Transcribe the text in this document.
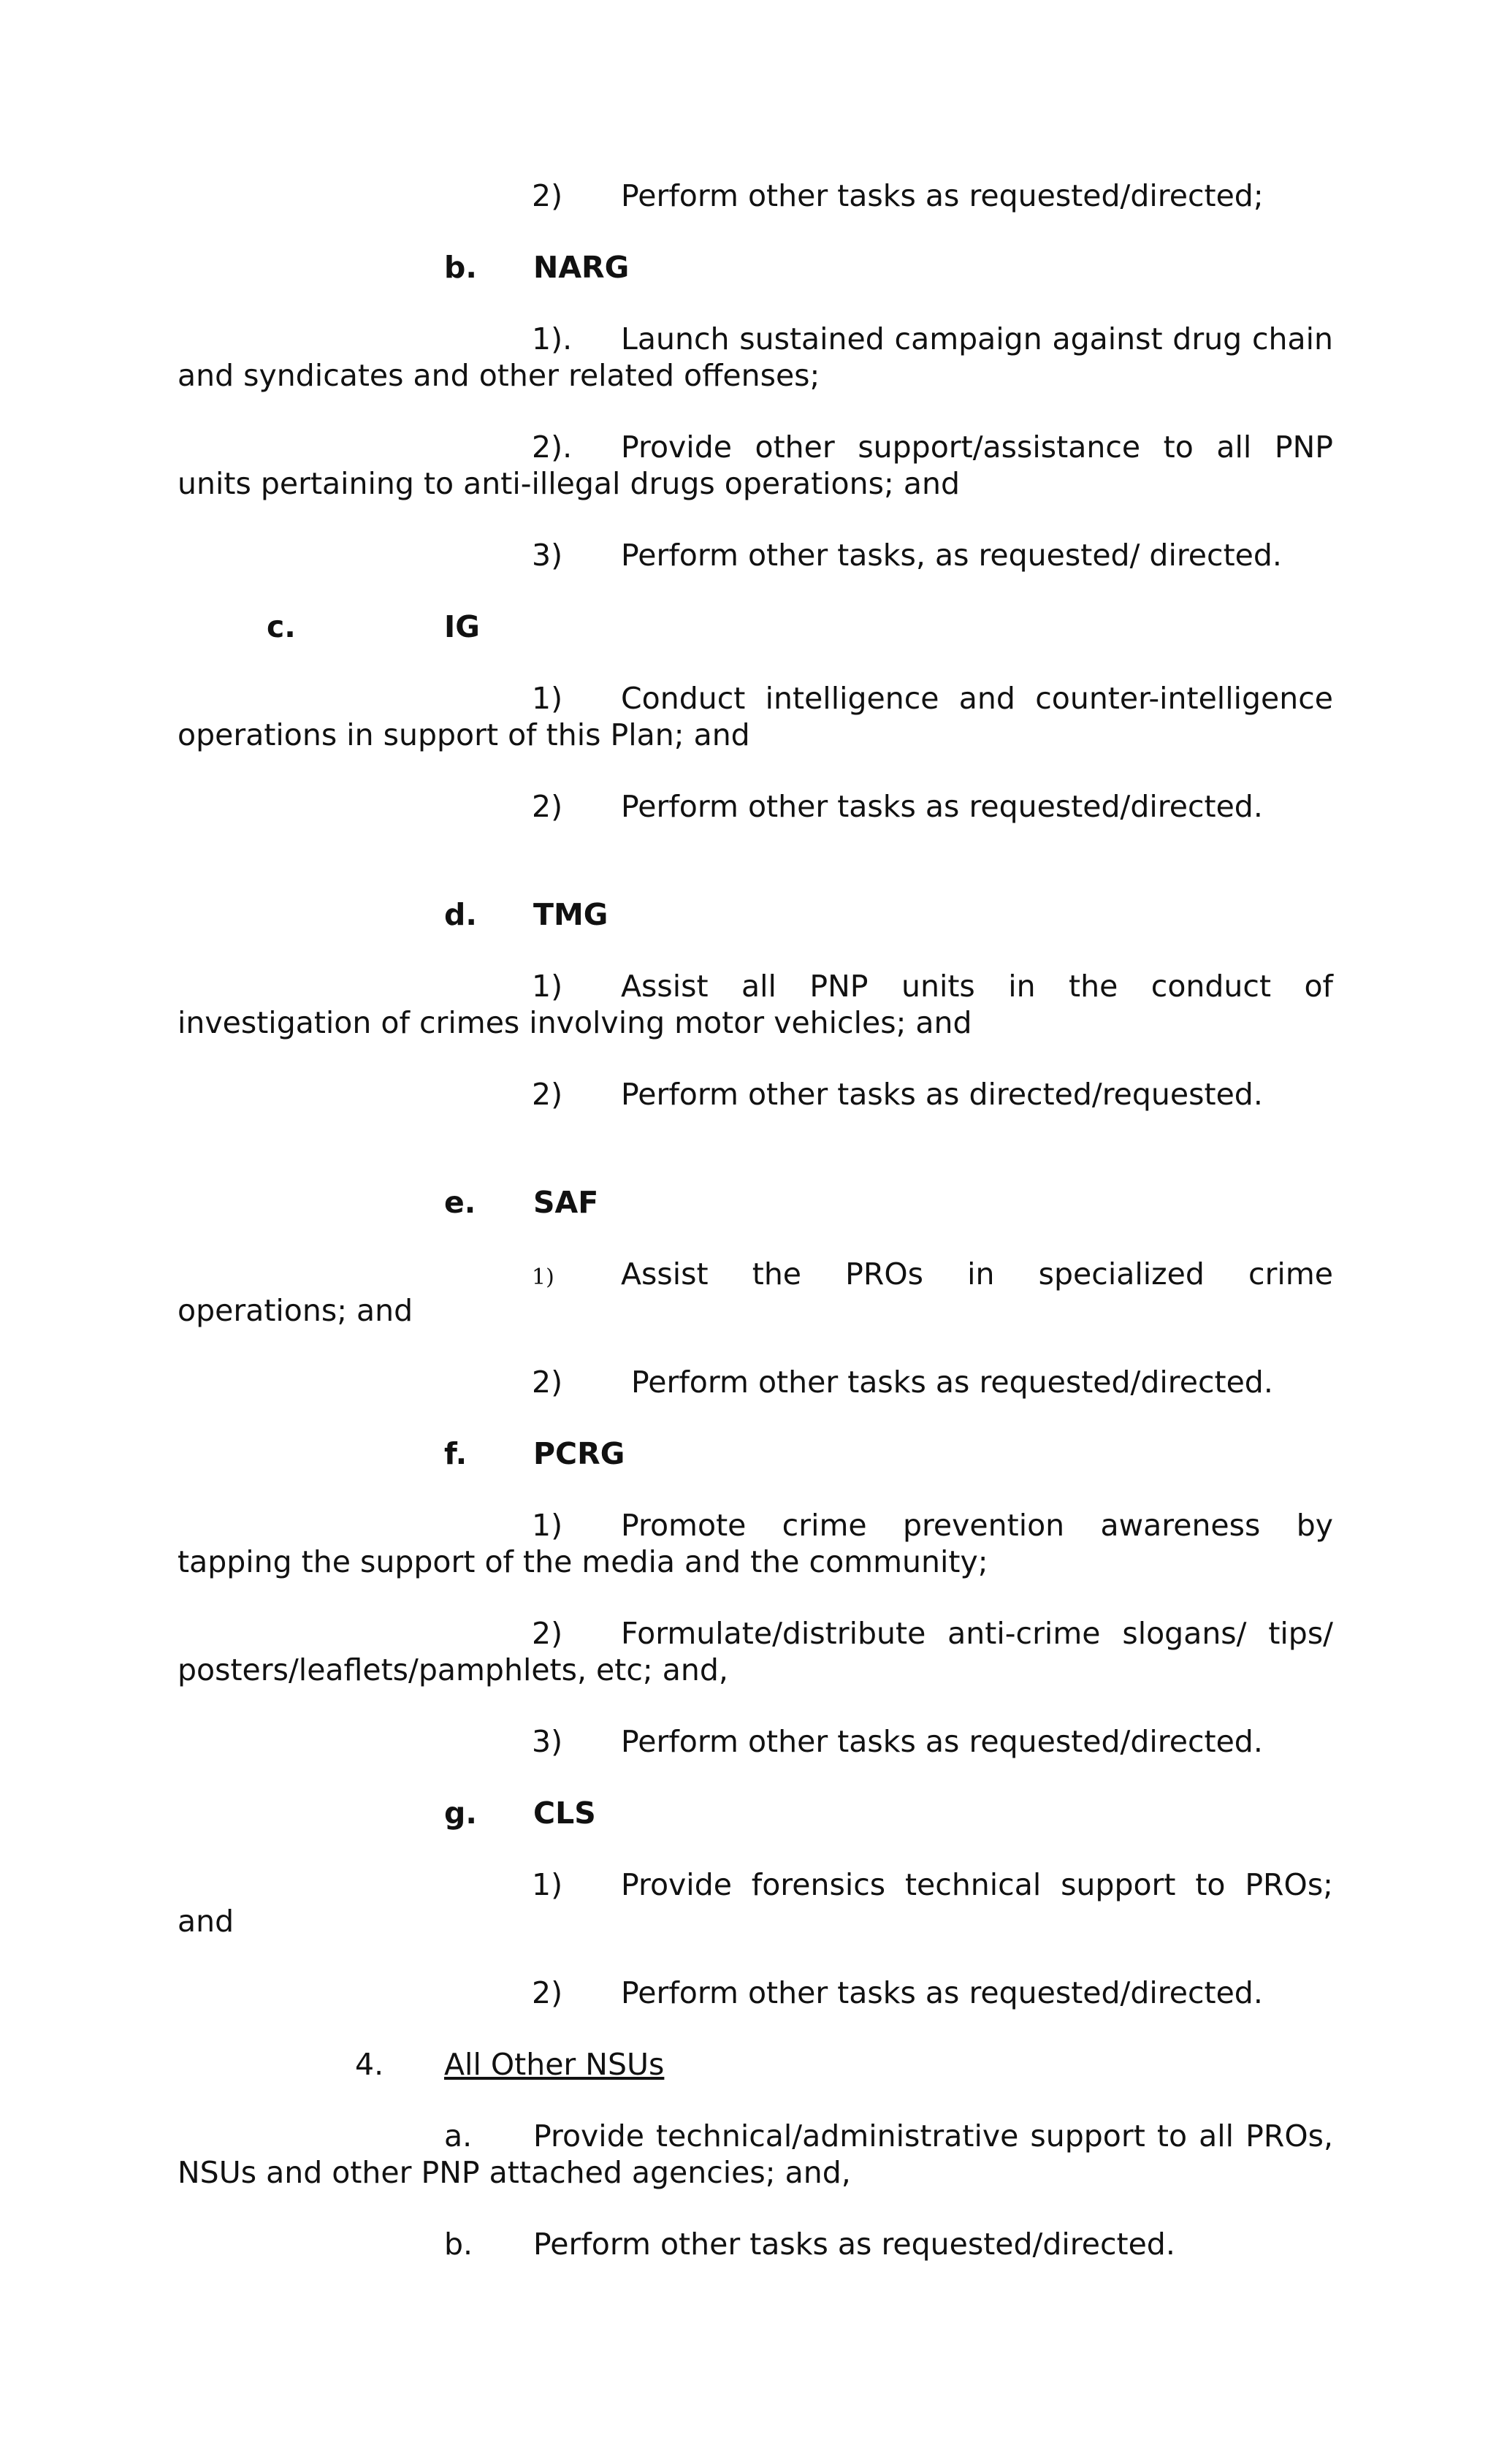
2) Perform other tasks as requested/directed;
b. NARG
1). Launch sustained campaign against drug chain
and syndicates and other related offenses;
2). Provide other support/assistance to all PNP
units pertaining to anti-illegal drugs operations; and
3) Perform other tasks, as requested/ directed.
c.	IG
1) Conduct intelligence and counter-intelligence
operations in support of this Plan; and
2) Perform other tasks as requested/directed.
d. TMG
1) Assist all PNP units in the conduct of
investigation of crimes involving motor vehicles; and
2) Perform other tasks as directed/requested.
e. SAF
1) Assist the PROs in specialized crime
operations; and
2) Perform other tasks as requested/directed.
f. PCRG
1) Promote crime prevention awareness by
tapping the support of the media and the community;
2) Formulate/distribute anti-crime slogans/ tips/
posters/leaflets/pamphlets, etc; and,
3) Perform other tasks as requested/directed.
g. CLS
1) Provide forensics technical support to PROs;
and
2) Perform other tasks as requested/directed.
4. All Other NSUs
a. Provide technical/administrative support to all PROs,
NSUs and other PNP attached agencies; and,
b. Perform other tasks as requested/directed.
